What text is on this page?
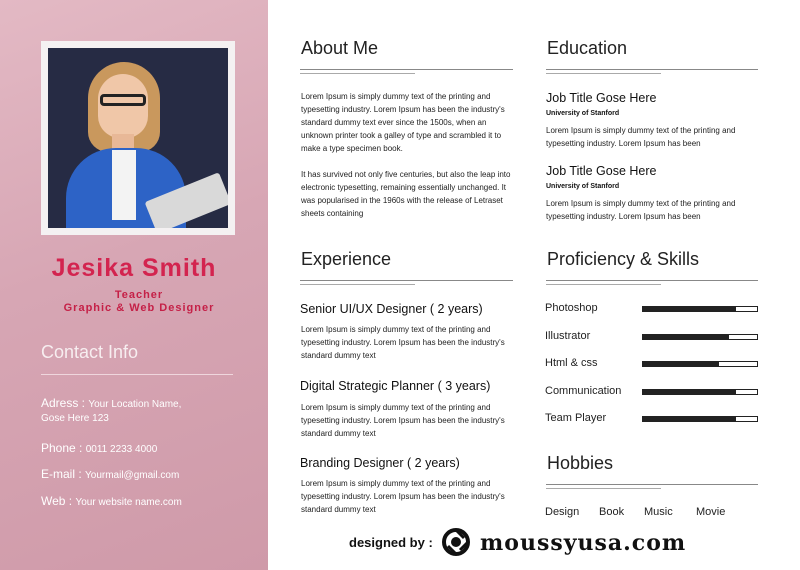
Jesika Smith
Teacher
Graphic & Web Designer
Contact Info
Adress : Your Location Name,
Gose Here 123
Phone : 0011 2233 4000
E-mail : Yourmail@gmail.com
Web : Your website name.com
About Me
Lorem Ipsum is simply dummy text of the printing and typesetting industry. Lorem Ipsum has been the industry's standard dummy text ever since the 1500s, when an unknown printer took a galley of type and scrambled it to make a type specimen book.
It has survived not only five centuries, but also the leap into electronic typesetting, remaining essentially unchanged. It was popularised in the 1960s with the release of Letraset sheets containing
Education
Job Title Gose Here
University of Stanford
Lorem Ipsum is simply dummy text of the printing and typesetting industry. Lorem Ipsum has been
Job Title Gose Here
University of Stanford
Lorem Ipsum is simply dummy text of the printing and typesetting industry. Lorem Ipsum has been
Experience
Senior UI/UX Designer ( 2 years)
Lorem Ipsum is simply dummy text of the printing and typesetting industry. Lorem Ipsum has been the industry's standard dummy text
Digital Strategic Planner ( 3 years)
Lorem Ipsum is simply dummy text of the printing and typesetting industry. Lorem Ipsum has been the industry's standard dummy text
Branding Designer ( 2 years)
Lorem Ipsum is simply dummy text of the printing and typesetting industry. Lorem Ipsum has been the industry's standard dummy text
Proficiency & Skills
Photoshop
Illustrator
Html & css
Communication
Team Player
Hobbies
Design Book Music Movie
designed by : moussyusa.com
